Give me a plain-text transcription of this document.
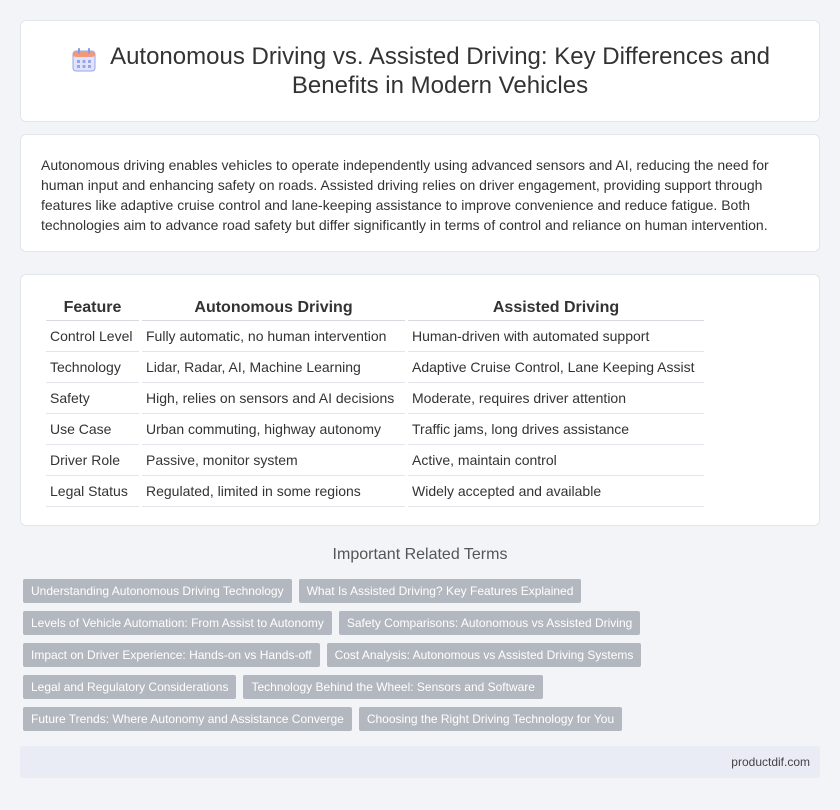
Autonomous Driving vs. Assisted Driving: Key Differences and Benefits in Modern Vehicles

Autonomous driving enables vehicles to operate independently using advanced sensors and AI, reducing the need for human input and enhancing safety on roads. Assisted driving relies on driver engagement, providing support through features like adaptive cruise control and lane-keeping assistance to improve convenience and reduce fatigue. Both technologies aim to advance road safety but differ significantly in terms of control and reliance on human intervention.

Feature	Autonomous Driving	Assisted Driving
Control Level	Fully automatic, no human intervention	Human-driven with automated support
Technology	Lidar, Radar, AI, Machine Learning	Adaptive Cruise Control, Lane Keeping Assist
Safety	High, relies on sensors and AI decisions	Moderate, requires driver attention
Use Case	Urban commuting, highway autonomy	Traffic jams, long drives assistance
Driver Role	Passive, monitor system	Active, maintain control
Legal Status	Regulated, limited in some regions	Widely accepted and available
Important Related Terms
Understanding Autonomous Driving Technology	What Is Assisted Driving? Key Features Explained
Levels of Vehicle Automation: From Assist to Autonomy	Safety Comparisons: Autonomous vs Assisted Driving
Impact on Driver Experience: Hands-on vs Hands-off	Cost Analysis: Autonomous vs Assisted Driving Systems
Legal and Regulatory Considerations	Technology Behind the Wheel: Sensors and Software
Future Trends: Where Autonomy and Assistance Converge	Choosing the Right Driving Technology for You
productdif.com
